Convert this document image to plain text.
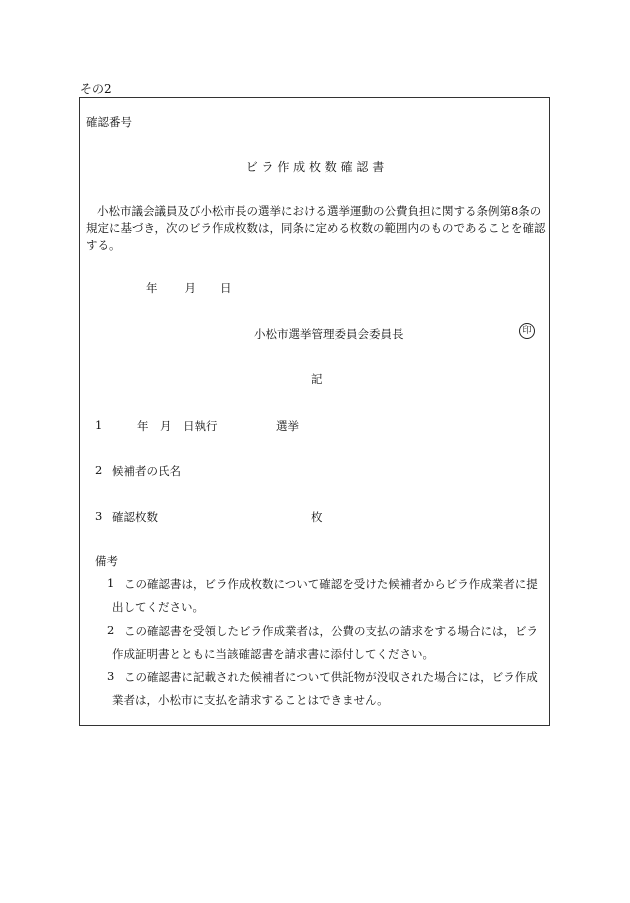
その2
確認番号
ビ ラ 作 成 枚 数 確 認 書
小松市議会議員及び小松市長の選挙における選挙運動の公費負担に関する条例第8条の規定に基づき，次のビラ作成枚数は，同条に定める枚数の範囲内のものであることを確認する。
年 月 日
小松市選挙管理委員会委員長	印
記
1	年 月 日執行	選挙
2 候補者の氏名
3 確認枚数	枚
備考
1 この確認書は，ビラ作成枚数について確認を受けた候補者からビラ作成業者に提
出してください。
2 この確認書を受領したビラ作成業者は，公費の支払の請求をする場合には，ビラ
作成証明書とともに当該確認書を請求書に添付してください。
3 この確認書に記載された候補者について供託物が没収された場合には，ビラ作成
業者は，小松市に支払を請求することはできません。
